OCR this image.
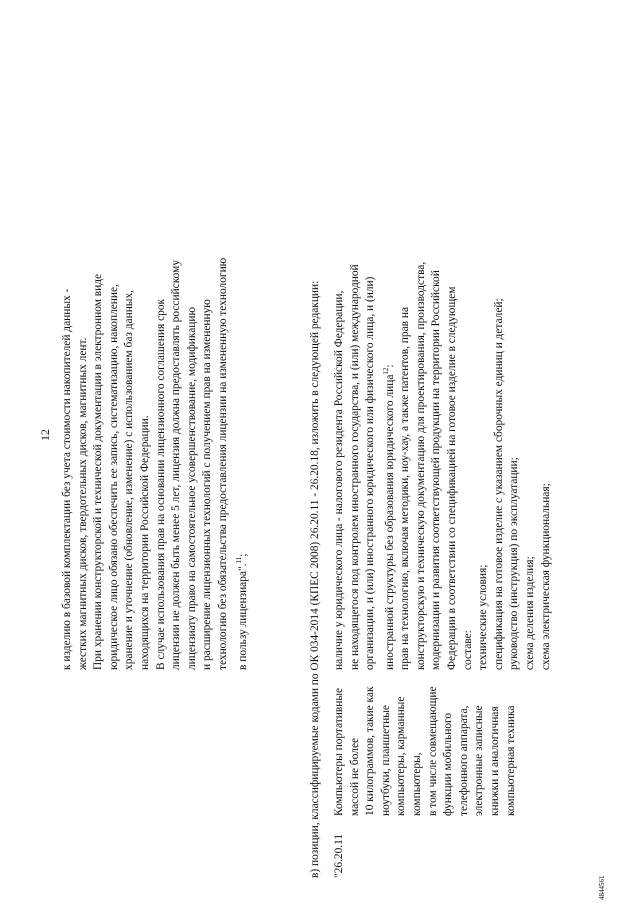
к изделию в базовой комплектации без учета стоимости накопителей данных - жестких магнитных дисков, твердотельных дисков, магнитных лент. При хранении конструкторской и технической документации в электронном виде юридическое лицо обязано обеспечить ее запись, систематизацию, накопление, хранение и уточнение (обновление, изменение) с использованием баз данных, находящихся на территории Российской Федерации. В случае использования прав на основании лицензионного соглашения срок лицензии не должен быть менее 5 лет, лицензия должна предоставлять российскому лицензиату право на самостоятельное усовершенствование, модификацию и расширение лицензионных технологий с получением прав на измененную технологию без обязательства предоставления лицензии на измененную технологию в пользу лицензиара".$^{11}$;	в) позиции, классифицируемые кодами по ОК 034-2014 (КПЕС 2008) 26.20.11 - 26.20.18, изложить в следующей редакции: "26.20.11
Компьютеры портативные массой не более 10 килограммов, такие как ноутбуки, планшетные компьютеры, карманные компьютеры, в том числе совмещающие функции мобильного телефонного аппарата, электронные записные книжки и аналогичная компьютерная техника
наличие у юридического лица - налогового резидента Российской Федерации, не находящегося под контролем иностранного государства, и (или) международной организации, и (или) иностранного юридического или физического лица, и (или) иностранной структуры без образования юридического лица$^{12}$: прав на технологию, включая методики, ноу-хау, а также патентов, прав на конструкторскую и техническую документацию для проектирования, производства, модернизации и развития соответствующей продукции на территории Российской Федерации в соответствии со спецификацией на готовое изделие в следующем составе: технические условия; спецификация на готовое изделие с указанием сборочных единиц и деталей; руководство (инструкция) по эксплуатации; схема деления изделия; схема электрическая функциональная;
12
4844561
